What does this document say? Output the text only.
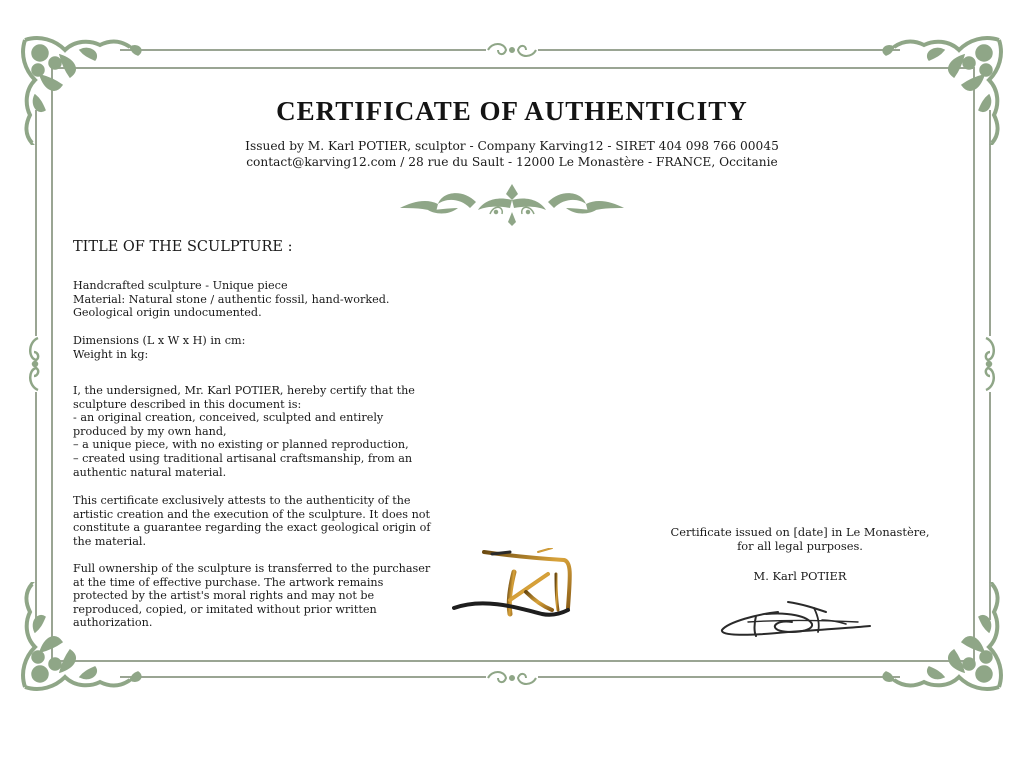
CERTIFICATE OF AUTHENTICITY
Issued by M. Karl POTIER, sculptor - Company Karving12 - SIRET 404 098 766 00045
contact@karving12.com / 28 rue du Sault - 12000 Le Monastère - FRANCE, Occitanie
TITLE OF THE SCULPTURE :

Handcrafted sculpture - Unique piece

Material: Natural stone / authentic fossil, hand-worked.

Geological origin undocumented.

Dimensions (L x W x H) in cm:

Weight in kg:

I, the undersigned, Mr. Karl POTIER, hereby certify that the sculpture described in this document is:

- an original creation, conceived, sculpted and entirely produced by my own hand,

– a unique piece, with no existing or planned reproduction,

– created using traditional artisanal craftsmanship, from an authentic natural material.

This certificate exclusively attests to the authenticity of the artistic creation and the execution of the sculpture. It does not constitute a guarantee regarding the exact geological origin of the material.
Full ownership of the sculpture is transferred to the purchaser at the time of effective purchase. The artwork remains protected by the artist's moral rights and may not be reproduced, copied, or imitated without prior written authorization.

Certificate issued on [date] in Le Monastère,

for all legal purposes.

M. Karl POTIER
